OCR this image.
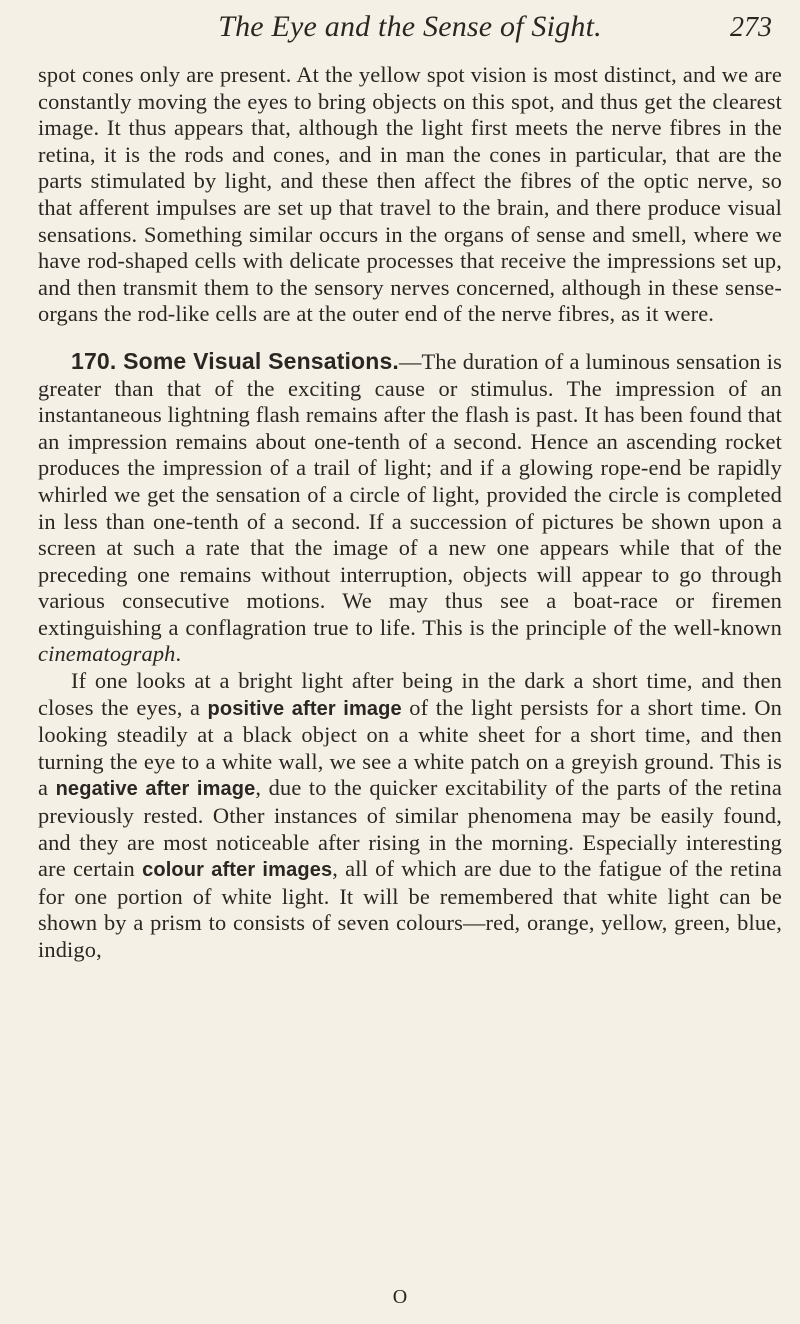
The Eye and the Sense of Sight.	273

spot cones only are present. At the yellow spot vision is most distinct, and we are constantly moving the eyes to bring objects on this spot, and thus get the clearest image. It thus appears that, although the light first meets the nerve fibres in the retina, it is the rods and cones, and in man the cones in particular, that are the parts stimulated by light, and these then affect the fibres of the optic nerve, so that afferent impulses are set up that travel to the brain, and there produce visual sensations. Something similar occurs in the organs of sense and smell, where we have rod-shaped cells with delicate processes that receive the impressions set up, and then transmit them to the sensory nerves concerned, although in these sense-organs the rod-like cells are at the outer end of the nerve fibres, as it were.

170. Some Visual Sensations.—The duration of a luminous sensation is greater than that of the exciting cause or stimulus. The impression of an instantaneous lightning flash remains after the flash is past. It has been found that an impression remains about one-tenth of a second. Hence an ascending rocket produces the impression of a trail of light; and if a glowing rope-end be rapidly whirled we get the sensation of a circle of light, provided the circle is completed in less than one-tenth of a second. If a succession of pictures be shown upon a screen at such a rate that the image of a new one appears while that of the preceding one remains without interruption, objects will appear to go through various consecutive motions. We may thus see a boat-race or firemen extinguishing a conflagration true to life. This is the principle of the well-known cinematograph.

If one looks at a bright light after being in the dark a short time, and then closes the eyes, a positive after image of the light persists for a short time. On looking steadily at a black object on a white sheet for a short time, and then turning the eye to a white wall, we see a white patch on a greyish ground. This is a negative after image, due to the quicker excitability of the parts of the retina previously rested. Other instances of similar phenomena may be easily found, and they are most noticeable after rising in the morning. Especially interesting are certain colour after images, all of which are due to the fatigue of the retina for one portion of white light. It will be remembered that white light can be shown by a prism to consists of seven colours—red, orange, yellow, green, blue, indigo,

O
